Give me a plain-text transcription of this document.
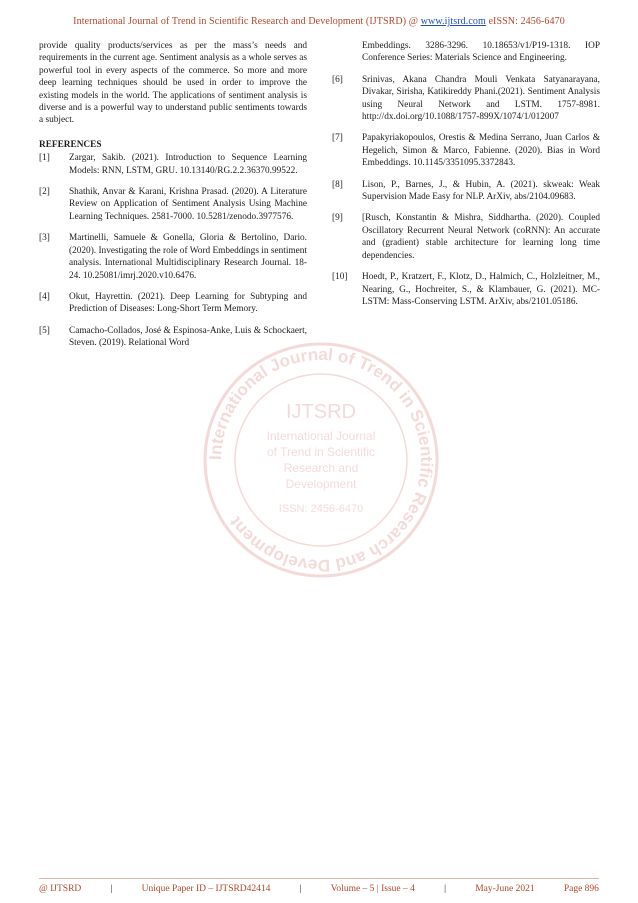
International Journal of Trend in Scientific Research and Development (IJTSRD) @ www.ijtsrd.com eISSN: 2456-6470
International Journal of Trend in Scientific Research and Development
IJTSRD
International Journal
of Trend in Scientific
Research and
Development
ISSN: 2456-6470

provide quality products/services as per the mass’s needs and requirements in the current age. Sentiment analysis as a whole serves as powerful tool in every aspects of the commerce. So more and more deep learning techniques should be used in order to improve the existing models in the world. The applications of sentiment analysis is diverse and is a powerful way to understand public sentiments towards a subject.

REFERENCES
[1]	Zargar, Sakib. (2021). Introduction to Sequence Learning Models: RNN, LSTM, GRU. 10.13140/RG.2.2.36370.99522.
[2]	Shathik, Anvar & Karani, Krishna Prasad. (2020). A Literature Review on Application of Sentiment Analysis Using Machine Learning Techniques. 2581-7000. 10.5281/zenodo.3977576.
[3]	Martinelli, Samuele & Gonella, Gloria & Bertolino, Dario. (2020). Investigating the role of Word Embeddings in sentiment analysis. International Multidisciplinary Research Journal. 18-24. 10.25081/imrj.2020.v10.6476.
[4]	Okut, Hayrettin. (2021). Deep Learning for Subtyping and Prediction of Diseases: Long-Short Term Memory.
[5]	Camacho-Collados, José & Espinosa-Anke, Luis & Schockaert, Steven. (2019). Relational Word
Embeddings. 3286-3296. 10.18653/v1/P19-1318. IOP Conference Series: Materials Science and Engineering.
[6]	Srinivas, Akana Chandra Mouli Venkata Satyanarayana, Divakar, Sirisha, Katikireddy Phani.(2021). Sentiment Analysis using Neural Network and LSTM. 1757-8981. http://dx.doi.org/10.1088/1757-899X/1074/1/012007
[7]	Papakyriakopoulos, Orestis & Medina Serrano, Juan Carlos & Hegelich, Simon & Marco, Fabienne. (2020). Bias in Word Embeddings. 10.1145/3351095.3372843.
[8]	Lison, P., Barnes, J., & Hubin, A. (2021). skweak: Weak Supervision Made Easy for NLP. ArXiv, abs/2104.09683.
[9]	[Rusch, Konstantin & Mishra, Siddhartha. (2020). Coupled Oscillatory Recurrent Neural Network (coRNN): An accurate and (gradient) stable architecture for learning long time dependencies.
[10]	Hoedt, P., Kratzert, F., Klotz, D., Halmich, C., Holzleitner, M., Nearing, G., Hochreiter, S., & Klambauer, G. (2021). MC-LSTM: Mass-Conserving LSTM. ArXiv, abs/2101.05186.
@ IJTSRD	|	Unique Paper ID – IJTSRD42414	|	Volume – 5 | Issue – 4	|	May-June 2021	Page 896
